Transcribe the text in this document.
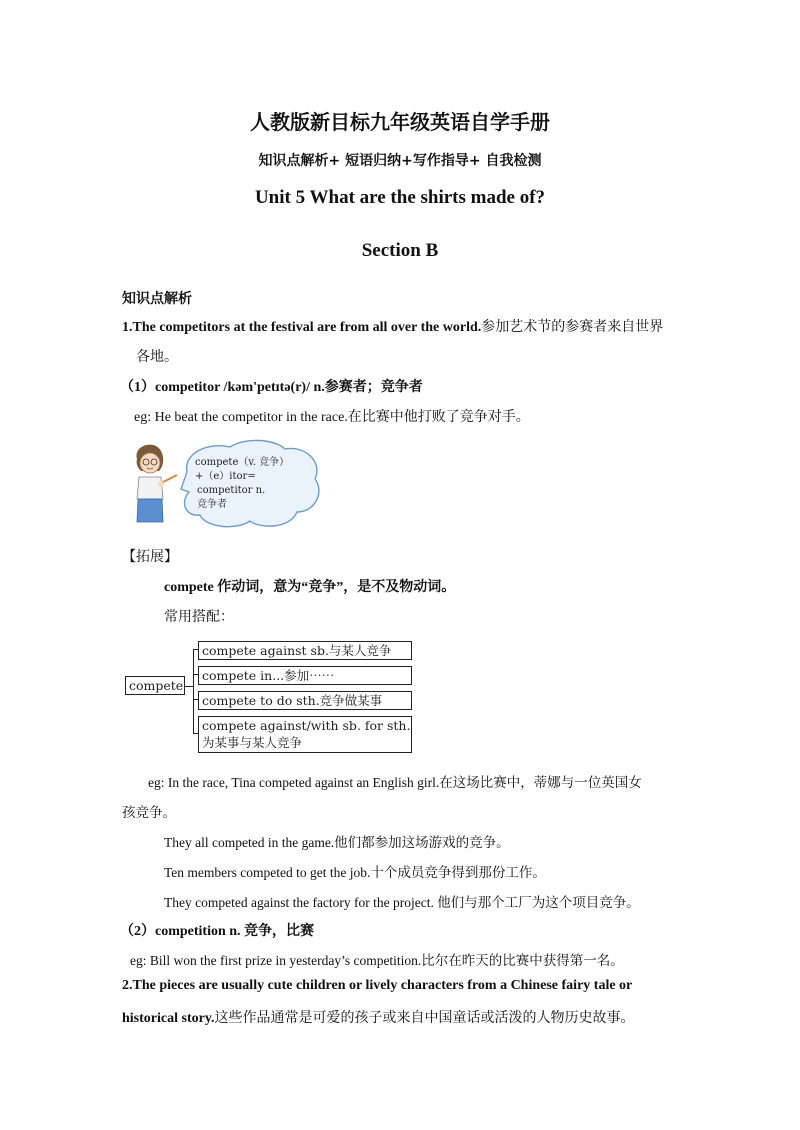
人教版新目标九年级英语自学手册
知识点解析+ 短语归纳+写作指导+ 自我检测
Unit 5 What are the shirts made of?
Section B
知识点解析
1.The competitors at the festival are from all over the world.参加艺术节的参赛者来自世界
各地。
（1）competitor /kəm'petɪtə(r)/ n.参赛者；竞争者
eg: He beat the competitor in the race.在比赛中他打败了竞争对手。
compete（v. 竞争）
+（e）itor=
competitor n.
竞争者
【拓展】
compete 作动词，意为“竞争”，是不及物动词。
常用搭配：
compete
compete against sb.与某人竞争
compete in...参加⋯⋯
compete to do sth.竞争做某事
compete against/with sb. for sth.
为某事与某人竞争
eg: In the race, Tina competed against an English girl.在这场比赛中，蒂娜与一位英国女
孩竞争。
They all competed in the game.他们都参加这场游戏的竞争。
Ten members competed to get the job.十个成员竞争得到那份工作。
They competed against the factory for the project. 他们与那个工厂为这个项目竞争。
（2）competition n. 竞争，比赛
eg: Bill won the first prize in yesterday’s competition.比尔在昨天的比赛中获得第一名。
2.The pieces are usually cute children or lively characters from a Chinese fairy tale or
historical story.这些作品通常是可爱的孩子或来自中国童话或活泼的人物历史故事。
